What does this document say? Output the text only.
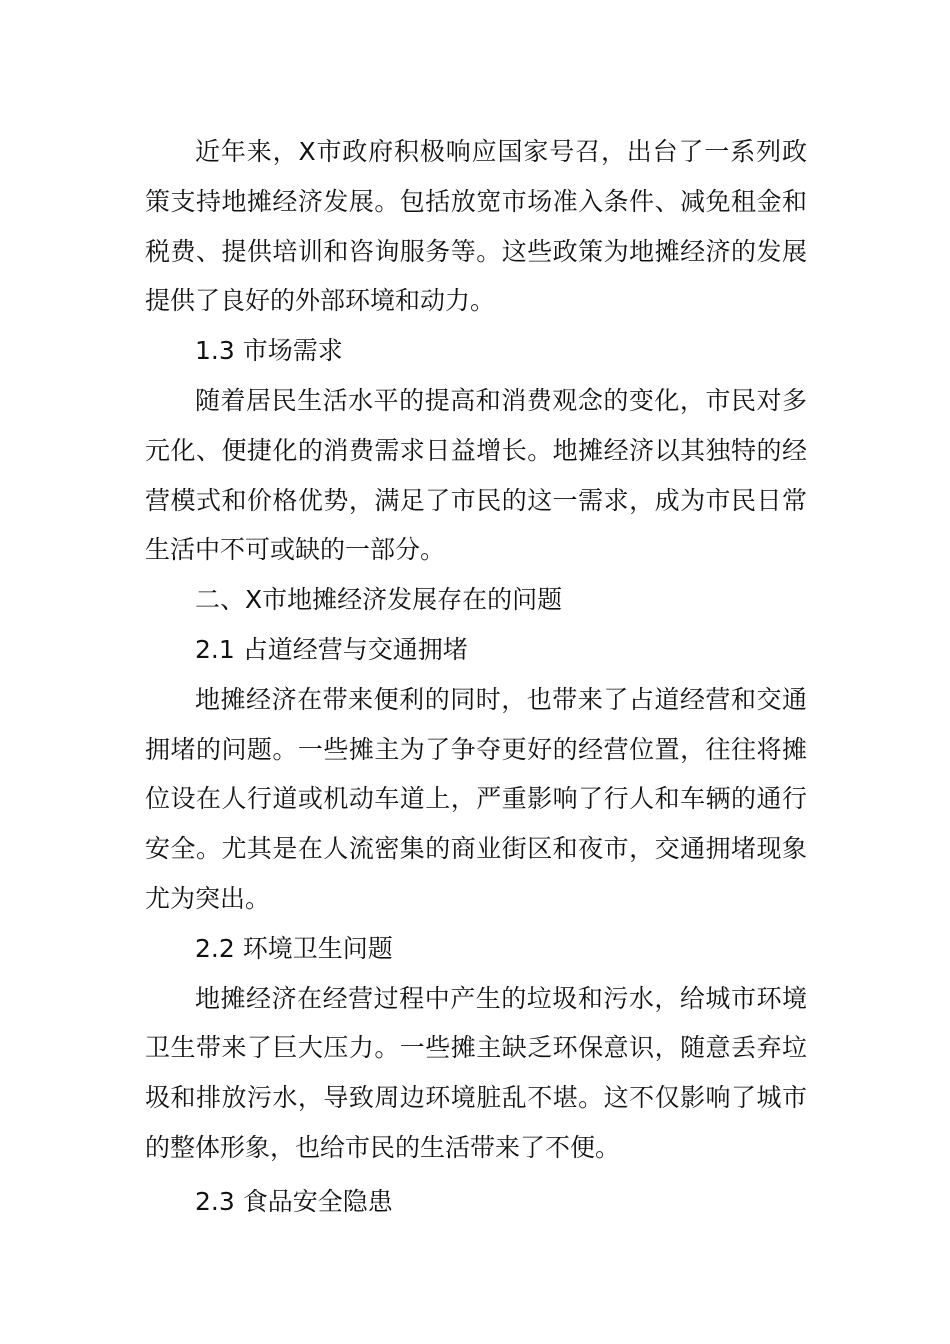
近年来，X市政府积极响应国家号召，出台了一系列政策支持地摊经济发展。包括放宽市场准入条件、减免租金和税费、提供培训和咨询服务等。这些政策为地摊经济的发展提供了良好的外部环境和动力。

1.3 市场需求

随着居民生活水平的提高和消费观念的变化，市民对多元化、便捷化的消费需求日益增长。地摊经济以其独特的经营模式和价格优势，满足了市民的这一需求，成为市民日常生活中不可或缺的一部分。

二、X市地摊经济发展存在的问题

2.1 占道经营与交通拥堵

地摊经济在带来便利的同时，也带来了占道经营和交通拥堵的问题。一些摊主为了争夺更好的经营位置，往往将摊位设在人行道或机动车道上，严重影响了行人和车辆的通行安全。尤其是在人流密集的商业街区和夜市，交通拥堵现象尤为突出。

2.2 环境卫生问题

地摊经济在经营过程中产生的垃圾和污水，给城市环境卫生带来了巨大压力。一些摊主缺乏环保意识，随意丢弃垃圾和排放污水，导致周边环境脏乱不堪。这不仅影响了城市的整体形象，也给市民的生活带来了不便。

2.3 食品安全隐患
